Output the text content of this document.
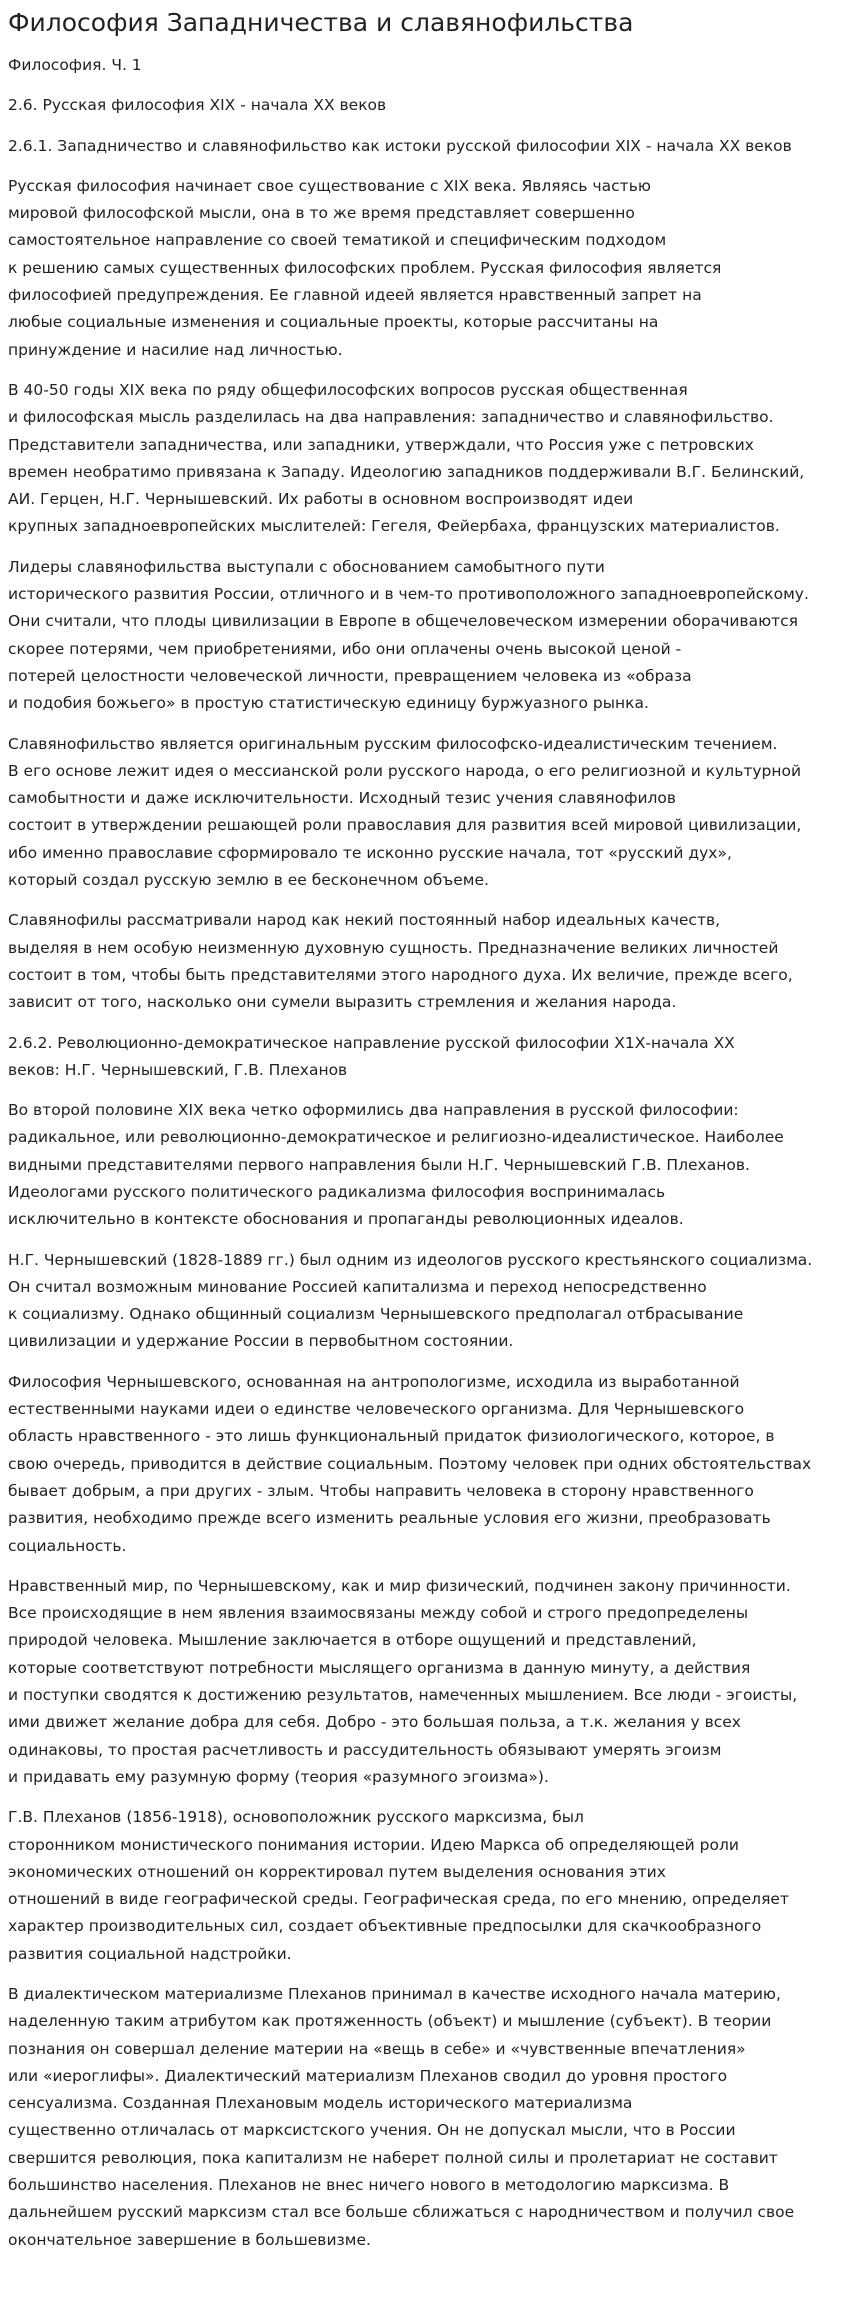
Философия Западничества и славянофильства

Философия. Ч. 1

2.6. Русская философия XIX - начала XX веков

2.6.1. Западничество и славянофильство как истоки русской философии XIX - начала XX веков

Русская философия начинает свое существование с XIX века. Являясь частью
мировой философской мысли, она в то же время представляет совершенно
самостоятельное направление со своей тематикой и специфическим подходом
к решению самых существенных философских проблем. Русская философия является
философией предупреждения. Ее главной идеей является нравственный запрет на
любые социальные изменения и социальные проекты, которые рассчитаны на
принуждение и насилие над личностью.

В 40-50 годы XIX века по ряду общефилософских вопросов русская общественная
и философская мысль разделилась на два направления: западничество и славянофильство.
Представители западничества, или западники, утверждали, что Россия уже с петровских
времен необратимо привязана к Западу. Идеологию западников поддерживали В.Г. Белинский,
АИ. Герцен, Н.Г. Чернышевский. Их работы в основном воспроизводят идеи
крупных западноевропейских мыслителей: Гегеля, Фейербаха, французских материалистов.

Лидеры славянофильства выступали с обоснованием самобытного пути
исторического развития России, отличного и в чем-то противоположного западноевропейскому.
Они считали, что плоды цивилизации в Европе в общечеловеческом измерении оборачиваются
скорее потерями, чем приобретениями, ибо они оплачены очень высокой ценой -
потерей целостности человеческой личности, превращением человека из «образа
и подобия божьего» в простую статистическую единицу буржуазного рынка.

Славянофильство является оригинальным русским философско-идеалистическим течением.
В его основе лежит идея о мессианской роли русского народа, о его религиозной и культурной
самобытности и даже исключительности. Исходный тезис учения славянофилов
состоит в утверждении решающей роли православия для развития всей мировой цивилизации,
ибо именно православие сформировало те исконно русские начала, тот «русский дух»,
который создал русскую землю в ее бесконечном объеме.

Славянофилы рассматривали народ как некий постоянный набор идеальных качеств,
выделяя в нем особую неизменную духовную сущность. Предназначение великих личностей
состоит в том, чтобы быть представителями этого народного духа. Их величие, прежде всего,
зависит от того, насколько они сумели выразить стремления и желания народа.

2.6.2. Революционно-демократическое направление русской философии Х1Х-начала XX
веков: Н.Г. Чернышевский, Г.В. Плеханов

Во второй половине XIX века четко оформились два направления в русской философии:
радикальное, или революционно-демократическое и религиозно-идеалистическое. Наиболее
видными представителями первого направления были Н.Г. Чернышевский Г.В. Плеханов.
Идеологами русского политического радикализма философия воспринималась
исключительно в контексте обоснования и пропаганды революционных идеалов.

Н.Г. Чернышевский (1828-1889 гг.) был одним из идеологов русского крестьянского социализма.
Он считал возможным минование Россией капитализма и переход непосредственно
к социализму. Однако общинный социализм Чернышевского предполагал отбрасывание
цивилизации и удержание России в первобытном состоянии.

Философия Чернышевского, основанная на антропологизме, исходила из выработанной
естественными науками идеи о единстве человеческого организма. Для Чернышевского
область нравственного - это лишь функциональный придаток физиологического, которое, в
свою очередь, приводится в действие социальным. Поэтому человек при одних обстоятельствах
бывает добрым, а при других - злым. Чтобы направить человека в сторону нравственного
развития, необходимо прежде всего изменить реальные условия его жизни, преобразовать
социальность.

Нравственный мир, по Чернышевскому, как и мир физический, подчинен закону причинности.
Все происходящие в нем явления взаимосвязаны между собой и строго предопределены
природой человека. Мышление заключается в отборе ощущений и представлений,
которые соответствуют потребности мыслящего организма в данную минуту, а действия
и поступки сводятся к достижению результатов, намеченных мышлением. Все люди - эгоисты,
ими движет желание добра для себя. Добро - это большая польза, а т.к. желания у всех
одинаковы, то простая расчетливость и рассудительность обязывают умерять эгоизм
и придавать ему разумную форму (теория «разумного эгоизма»).

Г.В. Плеханов (1856-1918), основоположник русского марксизма, был
сторонником монистического понимания истории. Идею Маркса об определяющей роли
экономических отношений он корректировал путем выделения основания этих
отношений в виде географической среды. Географическая среда, по его мнению, определяет
характер производительных сил, создает объективные предпосылки для скачкообразного
развития социальной надстройки.

В диалектическом материализме Плеханов принимал в качестве исходного начала материю,
наделенную таким атрибутом как протяженность (объект) и мышление (субъект). В теории
познания он совершал деление материи на «вещь в себе» и «чувственные впечатления»
или «иероглифы». Диалектический материализм Плеханов сводил до уровня простого
сенсуализма. Созданная Плехановым модель исторического материализма
существенно отличалась от марксистского учения. Он не допускал мысли, что в России
свершится революция, пока капитализм не наберет полной силы и пролетариат не составит
большинство населения. Плеханов не внес ничего нового в методологию марксизма. В
дальнейшем русский марксизм стал все больше сближаться с народничеством и получил свое
окончательное завершение в большевизме.
